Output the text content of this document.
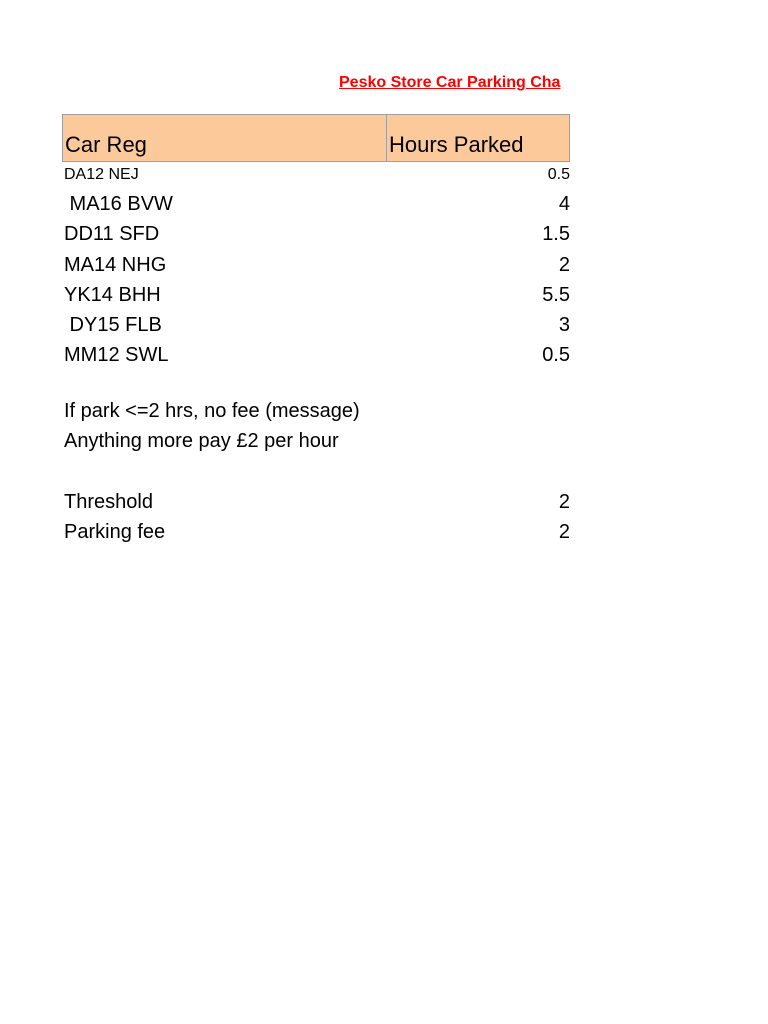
Pesko Store Car Parking Cha
Car Reg	Hours Parked
DA12 NEJ	0.5
MA16 BVW	4
DD11 SFD	1.5
MA14 NHG	2
YK14 BHH	5.5
DY15 FLB	3
MM12 SWL	0.5
If park <=2 hrs, no fee (message)
Anything more pay £2 per hour
Threshold	2
Parking fee	2
